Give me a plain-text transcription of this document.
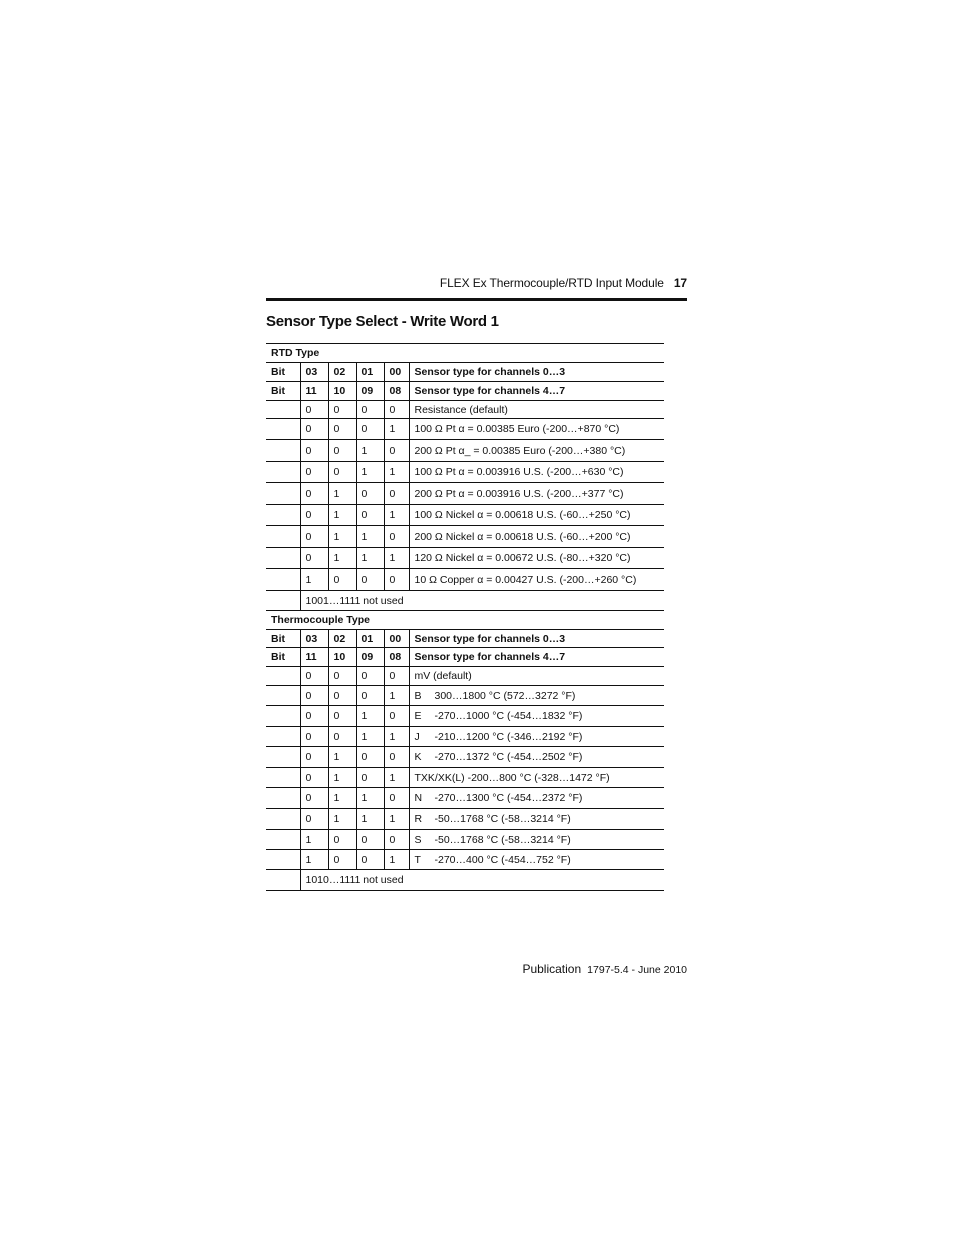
FLEX Ex Thermocouple/RTD Input Module 17
Sensor Type Select - Write Word 1
RTD Type					
Bit	03	02	01	00	Sensor type for channels 0…3
Bit	11	10	09	08	Sensor type for channels 4…7
	0	0	0	0	Resistance (default)
	0	0	0	1	100 Ω Pt α = 0.00385 Euro (-200…+870 °C)
	0	0	1	0	200 Ω Pt α_ = 0.00385 Euro (-200…+380 °C)
	0	0	1	1	100 Ω Pt α = 0.003916 U.S. (-200…+630 °C)
	0	1	0	0	200 Ω Pt α = 0.003916 U.S. (-200…+377 °C)
	0	1	0	1	100 Ω Nickel α = 0.00618 U.S. (-60…+250 °C)
	0	1	1	0	200 Ω Nickel α = 0.00618 U.S. (-60…+200 °C)
	0	1	1	1	120 Ω Nickel α = 0.00672 U.S. (-80…+320 °C)
	1	0	0	0	10 Ω Copper α = 0.00427 U.S. (-200…+260 °C)
	1001…1111 not used				
Thermocouple Type					
Bit	03	02	01	00	Sensor type for channels 0…3
Bit	11	10	09	08	Sensor type for channels 4…7
	0	0	0	0	mV (default)
	0	0	0	1	B 300…1800 °C (572…3272 °F)
	0	0	1	0	E -270…1000 °C (-454…1832 °F)
	0	0	1	1	J -210…1200 °C (-346…2192 °F)
	0	1	0	0	K -270…1372 °C (-454…2502 °F)
	0	1	0	1	TXK/XK(L) -200…800 °C (-328…1472 °F)
	0	1	1	0	N -270…1300 °C (-454…2372 °F)
	0	1	1	1	R -50…1768 °C (-58…3214 °F)
	1	0	0	0	S -50…1768 °C (-58…3214 °F)
	1	0	0	1	T -270…400 °C (-454…752 °F)
	1010…1111 not used				
Publication 1797-5.4 - June 2010
